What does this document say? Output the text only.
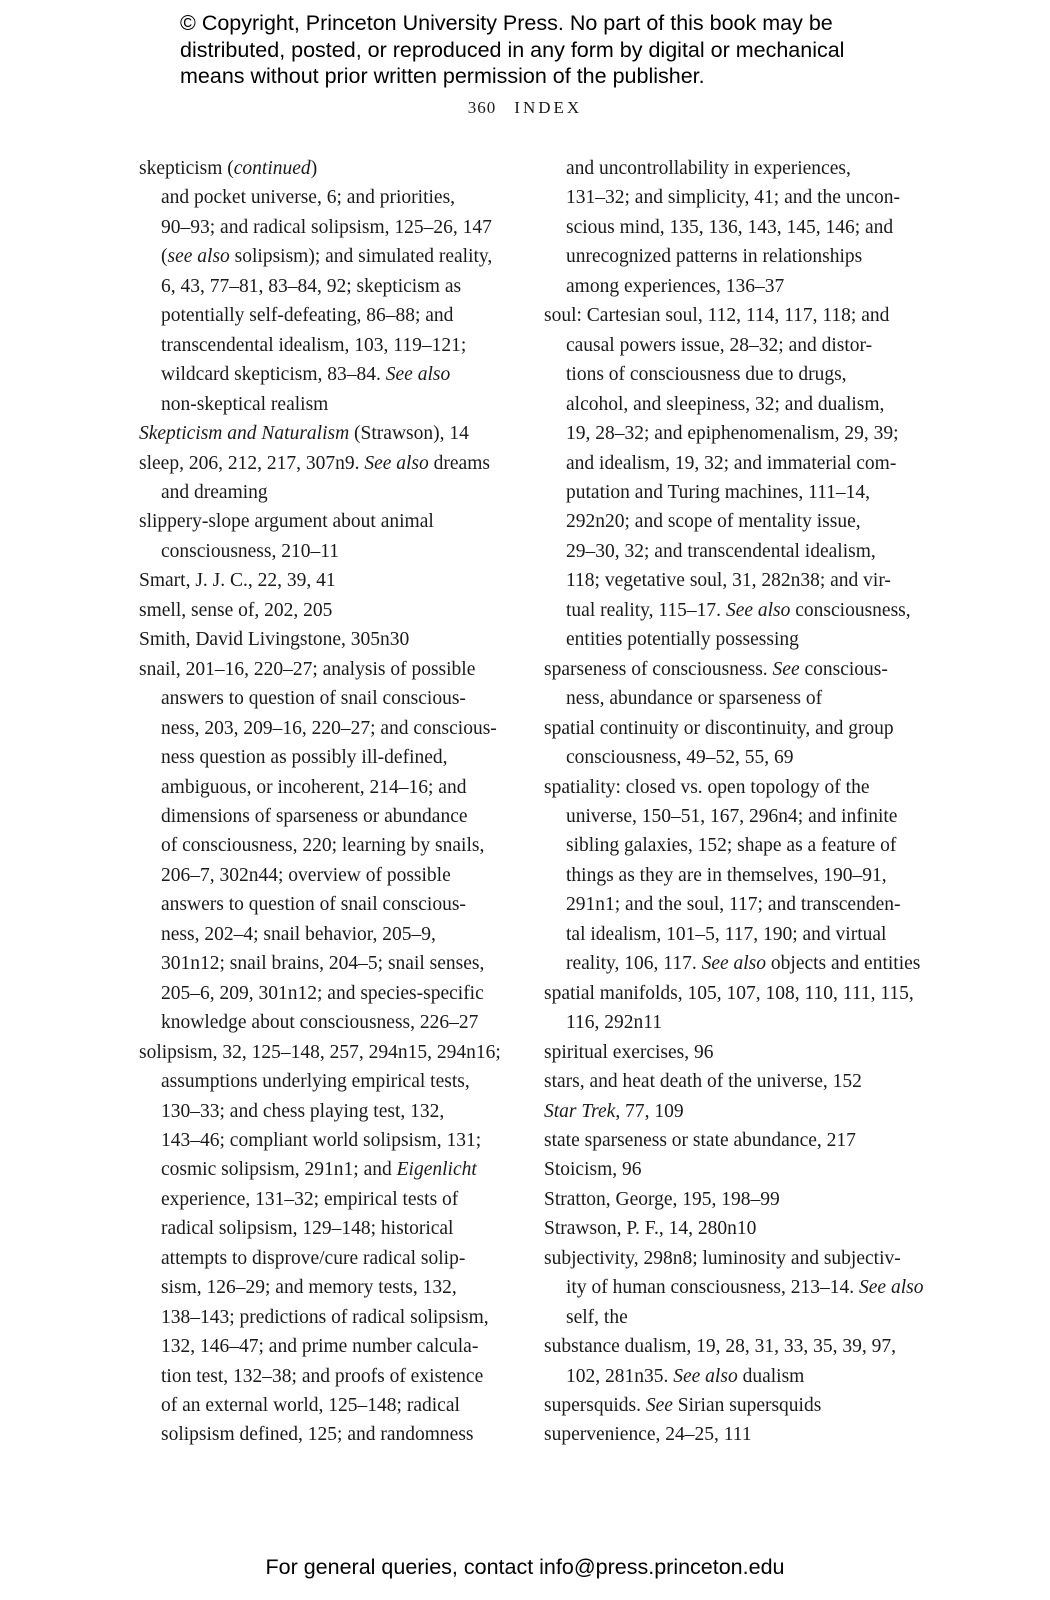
© Copyright, Princeton University Press. No part of this book may be
distributed, posted, or reproduced in any form by digital or mechanical
means without prior written permission of the publisher.
360 INDEX
skepticism (continued)
and pocket universe, 6; and priorities,
90–93; and radical solipsism, 125–26, 147
(see also solipsism); and simulated reality,
6, 43, 77–81, 83–84, 92; skepticism as
potentially self-defeating, 86–88; and
transcendental idealism, 103, 119–121;
wildcard skepticism, 83–84. See also
non-skeptical realism
Skepticism and Naturalism (Strawson), 14
sleep, 206, 212, 217, 307n9. See also dreams
and dreaming
slippery-slope argument about animal
consciousness, 210–11
Smart, J. J. C., 22, 39, 41
smell, sense of, 202, 205
Smith, David Livingstone, 305n30
snail, 201–16, 220–27; analysis of possible
answers to question of snail conscious-
ness, 203, 209–16, 220–27; and conscious-
ness question as possibly ill-defined,
ambiguous, or incoherent, 214–16; and
dimensions of sparseness or abundance
of consciousness, 220; learning by snails,
206–7, 302n44; overview of possible
answers to question of snail conscious-
ness, 202–4; snail behavior, 205–9,
301n12; snail brains, 204–5; snail senses,
205–6, 209, 301n12; and species-specific
knowledge about consciousness, 226–27
solipsism, 32, 125–148, 257, 294n15, 294n16;
assumptions underlying empirical tests,
130–33; and chess playing test, 132,
143–46; compliant world solipsism, 131;
cosmic solipsism, 291n1; and Eigenlicht
experience, 131–32; empirical tests of
radical solipsism, 129–148; historical
attempts to disprove/cure radical solip-
sism, 126–29; and memory tests, 132,
138–143; predictions of radical solipsism,
132, 146–47; and prime number calcula-
tion test, 132–38; and proofs of existence
of an external world, 125–148; radical
solipsism defined, 125; and randomness
and uncontrollability in experiences,
131–32; and simplicity, 41; and the uncon-
scious mind, 135, 136, 143, 145, 146; and
unrecognized patterns in relationships
among experiences, 136–37
soul: Cartesian soul, 112, 114, 117, 118; and
causal powers issue, 28–32; and distor-
tions of consciousness due to drugs,
alcohol, and sleepiness, 32; and dualism,
19, 28–32; and epiphenomenalism, 29, 39;
and idealism, 19, 32; and immaterial com-
putation and Turing machines, 111–14,
292n20; and scope of mentality issue,
29–30, 32; and transcendental idealism,
118; vegetative soul, 31, 282n38; and vir-
tual reality, 115–17. See also consciousness,
entities potentially possessing
sparseness of consciousness. See conscious-
ness, abundance or sparseness of
spatial continuity or discontinuity, and group
consciousness, 49–52, 55, 69
spatiality: closed vs. open topology of the
universe, 150–51, 167, 296n4; and infinite
sibling galaxies, 152; shape as a feature of
things as they are in themselves, 190–91,
291n1; and the soul, 117; and transcenden-
tal idealism, 101–5, 117, 190; and virtual
reality, 106, 117. See also objects and entities
spatial manifolds, 105, 107, 108, 110, 111, 115,
116, 292n11
spiritual exercises, 96
stars, and heat death of the universe, 152
Star Trek, 77, 109
state sparseness or state abundance, 217
Stoicism, 96
Stratton, George, 195, 198–99
Strawson, P. F., 14, 280n10
subjectivity, 298n8; luminosity and subjectiv-
ity of human consciousness, 213–14. See also
self, the
substance dualism, 19, 28, 31, 33, 35, 39, 97,
102, 281n35. See also dualism
supersquids. See Sirian supersquids
supervenience, 24–25, 111
For general queries, contact info@press.princeton.edu
